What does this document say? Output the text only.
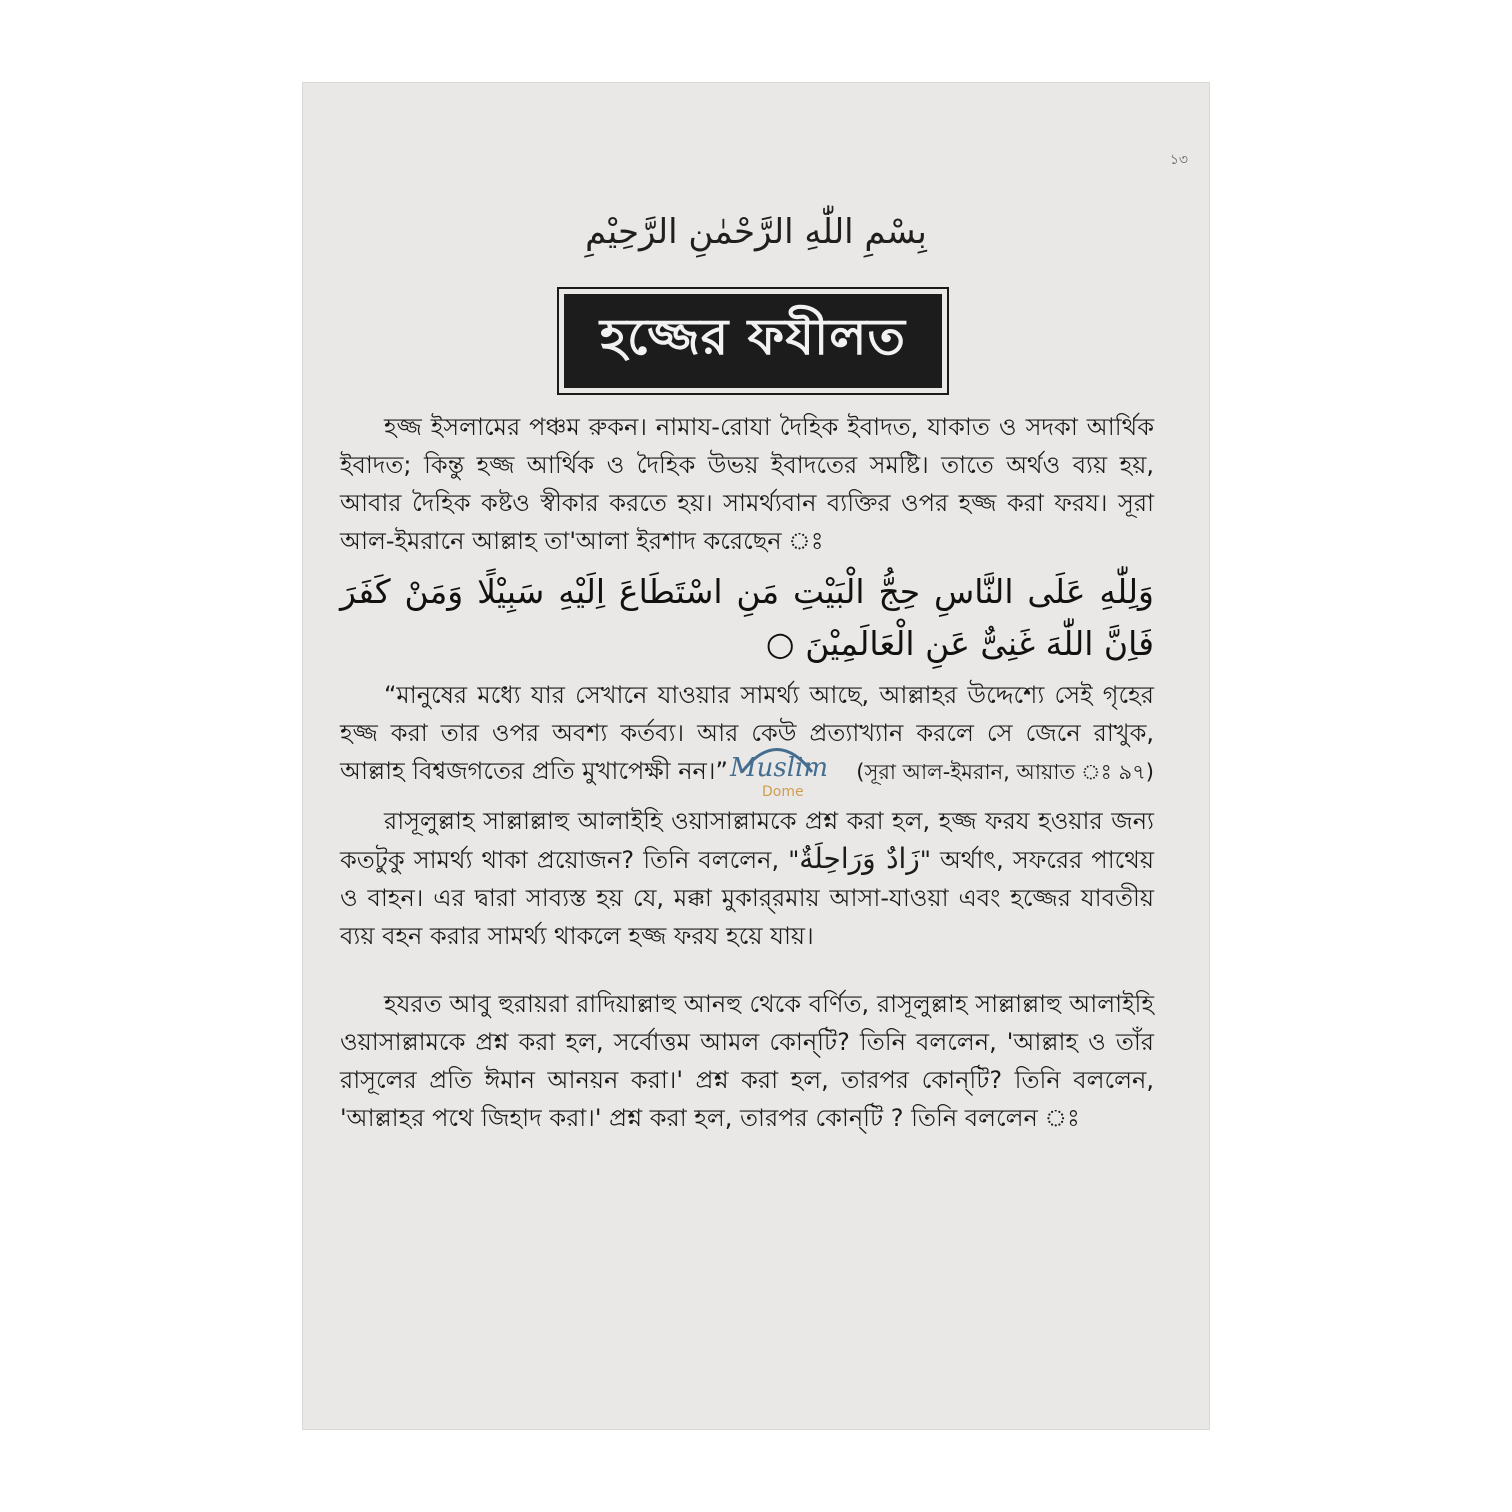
১৩
بِسْمِ اللّٰهِ الرَّحْمٰنِ الرَّحِيْمِ
হজ্জের ফযীলত

হজ্জ ইসলামের পঞ্চম রুকন। নামায-রোযা দৈহিক ইবাদত, যাকাত ও সদকা আর্থিক ইবাদত; কিন্তু হজ্জ আর্থিক ও দৈহিক উভয় ইবাদতের সমষ্টি। তাতে অর্থও ব্যয় হয়, আবার দৈহিক কষ্টও স্বীকার করতে হয়। সামর্থ্যবান ব্যক্তির ওপর হজ্জ করা ফরয। সূরা আল-ইমরানে আল্লাহ তা'আলা ইরশাদ করেছেন ঃ

وَلِلّٰهِ عَلَى النَّاسِ حِجُّ الْبَيْتِ مَنِ اسْتَطَاعَ اِلَيْهِ سَبِيْلًا وَمَنْ كَفَرَ فَاِنَّ اللّٰهَ غَنِىٌّ عَنِ الْعَالَمِيْنَ ○

“মানুষের মধ্যে যার সেখানে যাওয়ার সামর্থ্য আছে, আল্লাহর উদ্দেশ্যে সেই গৃহের হজ্জ করা তার ওপর অবশ্য কর্তব্য। আর কেউ প্রত্যাখ্যান করলে সে জেনে রাখুক, আল্লাহ বিশ্বজগতের প্রতি মুখাপেক্ষী নন।”	(সূরা আল-ইমরান, আয়াত ঃ ৯৭)

রাসূলুল্লাহ সাল্লাল্লাহু আলাইহি ওয়াসাল্লামকে প্রশ্ন করা হল, হজ্জ ফরয হওয়ার জন্য কতটুকু সামর্থ্য থাকা প্রয়োজন? তিনি বললেন, "زَادٌ وَرَاحِلَةٌ" অর্থাৎ, সফরের পাথেয় ও বাহন। এর দ্বারা সাব্যস্ত হয় যে, মক্কা মুকার্‌রমায় আসা-যাওয়া এবং হজ্জের যাবতীয় ব্যয় বহন করার সামর্থ্য থাকলে হজ্জ ফরয হয়ে যায়।

হযরত আবু হুরায়রা রাদিয়াল্লাহু আনহু থেকে বর্ণিত, রাসূলুল্লাহ সাল্লাল্লাহু আলাইহি ওয়াসাল্লামকে প্রশ্ন করা হল, সর্বোত্তম আমল কোন্‌টি? তিনি বললেন, 'আল্লাহ ও তাঁর রাসূলের প্রতি ঈমান আনয়ন করা।' প্রশ্ন করা হল, তারপর কোন্‌টি? তিনি বললেন, 'আল্লাহর পথে জিহাদ করা।' প্রশ্ন করা হল, তারপর কোন্‌টি ? তিনি বললেন ঃ

Muslim
Dome
